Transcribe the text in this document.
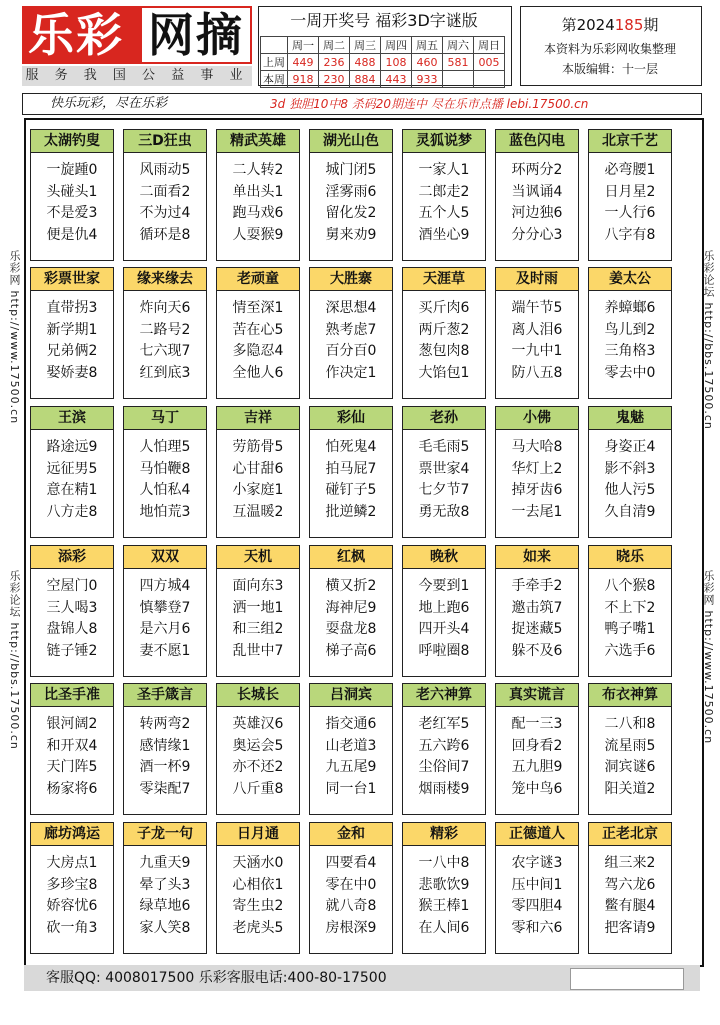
乐彩 网摘
服 务 我 国 公 益 事 业
一周开奖号 福彩3D字谜版
	周一	周二	周三	周四	周五	周六	周日
上周	449	236	488	108	460	581	005
本周	918	230	884	443	933		
第2024185期
本资料为乐彩网收集整理
本版编辑：十一层
快乐玩彩，尽在乐彩	3d 独胆10中8 杀码20期连中 尽在乐市点播 lebi.17500.cn
乐彩网 http://www.17500.cn
乐彩论坛 http://bbs.17500.cn
乐彩论坛 http://bbs.17500.cn
乐彩网 http://www.17500.cn
太湖钓叟
一旋踵0
头碰头1
不是爱3
便是仇4
三D狂虫
风雨动5
二面看2
不为过4
循环是8
精武英雄
二人转2
单出头1
跑马戏6
人耍猴9
湖光山色
城门闭5
淫雾雨6
留化发2
舅来劝9
灵狐说梦
一家人1
二郎走2
五个人5
酒坐心9
蓝色闪电
环两分2
当讽诵4
河边独6
分分心3
北京千艺
必弯腰1
日月星2
一人行6
八字有8
彩票世家
直带拐3
新学期1
兄弟俩2
娶娇妻8
缘来缘去
炸向天6
二路号2
七六现7
红到底3
老顽童
情至深1
苦在心5
多隐忍4
全他人6
大胜寨
深思想4
熟考虑7
百分百0
作决定1
天涯草
买斤肉6
两斤葱2
葱包肉8
大馅包1
及时雨
端午节5
离人泪6
一九中1
防八五8
姜太公
养蟑螂6
鸟儿到2
三角格3
零去中0
王滨
路途远9
远征男5
意在精1
八方走8
马丁
人怕理5
马怕鞭8
人怕私4
地怕荒3
吉祥
劳筋骨5
心甘甜6
小家庭1
互温暖2
彩仙
怕死鬼4
拍马屁7
碰钉子5
批逆鳞2
老孙
毛毛雨5
票世家4
七夕节7
勇无敌8
小佛
马大哈8
华灯上2
掉牙齿6
一去尾1
鬼魅
身姿正4
影不斜3
他人污5
久自清9
添彩
空屋门0
三人喝3
盘锦人8
链子锤2
双双
四方城4
慎攀登7
是六月6
妻不愿1
天机
面向东3
洒一地1
和三组2
乱世中7
红枫
横又折2
海神尼9
耍盘龙8
梯子高6
晚秋
今要到1
地上跑6
四开头4
呼啦圈8
如来
手牵手2
邀击筑7
捉迷藏5
躲不及6
晓乐
八个猴8
不上下2
鸭子嘴1
六选手6
比圣手准
银河阔2
和开双4
天门阵5
杨家将6
圣手箴言
转两弯2
感情缘1
酒一杯9
零柒配7
长城长
英雄汉6
奥运会5
亦不还2
八斤重8
吕洞宾
指交通6
山老道3
九五尾9
同一台1
老六神算
老红军5
五六跨6
尘俗间7
烟雨楼9
真实谎言
配一三3
回身看2
五九胆9
笼中鸟6
布衣神算
二八和8
流星雨5
洞宾谜6
阳关道2
廊坊鸿运
大房点1
多珍宝8
娇容忧6
砍一角3
子龙一句
九重天9
晕了头3
绿草地6
家人笑8
日月通
天涵水0
心相依1
寄生虫2
老虎头5
金和
四要看4
零在中0
就八奇8
房根深9
精彩
一八中8
悲歌饮9
猴王棒1
在人间6
正德道人
农字谜3
压中间1
零四胆4
零和六6
正老北京
组三来2
驾六龙6
鳖有腿4
把客请9
客服QQ: 4008017500 乐彩客服电话:400-80-17500
